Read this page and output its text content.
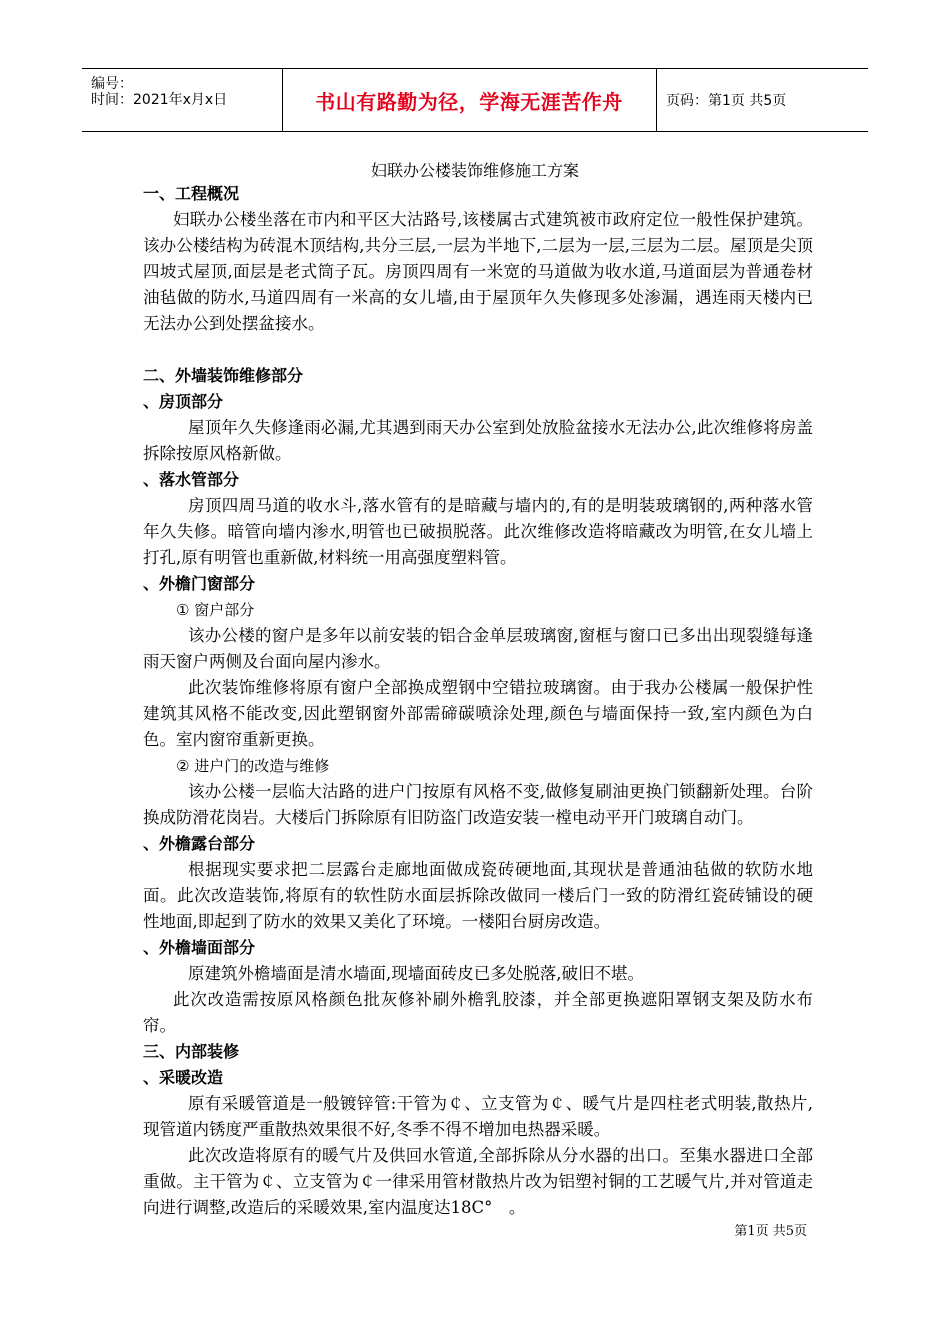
编号：
时间：2021年x月x日	书山有路勤为径，学海无涯苦作舟	页码：第1页 共5页
妇联办公楼装饰维修施工方案

一、工程概况

妇联办公楼坐落在市内和平区大沽路号,该楼属古式建筑被市政府定位一般性保护建筑。该办公楼结构为砖混木顶结构,共分三层,一层为半地下,二层为一层,三层为二层。屋顶是尖顶四坡式屋顶,面层是老式筒子瓦。房顶四周有一米宽的马道做为收水道,马道面层为普通卷材油毡做的防水,马道四周有一米高的女儿墙,由于屋顶年久失修现多处渗漏，遇连雨天楼内已无法办公到处摆盆接水。

二、外墙装饰维修部分

、房顶部分

屋顶年久失修逢雨必漏,尤其遇到雨天办公室到处放脸盆接水无法办公,此次维修将房盖拆除按原风格新做。

、落水管部分

房顶四周马道的收水斗,落水管有的是暗藏与墙内的,有的是明装玻璃钢的,两种落水管年久失修。暗管向墙内渗水,明管也已破损脱落。此次维修改造将暗藏改为明管,在女儿墙上打孔,原有明管也重新做,材料统一用高强度塑料管。

、外檐门窗部分

① 窗户部分

该办公楼的窗户是多年以前安装的铝合金单层玻璃窗,窗框与窗口已多出出现裂缝每逢雨天窗户两侧及台面向屋内渗水。

此次装饰维修将原有窗户全部换成塑钢中空错拉玻璃窗。由于我办公楼属一般保护性建筑其风格不能改变,因此塑钢窗外部需碲碳喷涂处理,颜色与墙面保持一致,室内颜色为白色。室内窗帘重新更换。

② 进户门的改造与维修

该办公楼一层临大沽路的进户门按原有风格不变,做修复刷油更换门锁翻新处理。台阶换成防滑花岗岩。大楼后门拆除原有旧防盗门改造安装一樘电动平开门玻璃自动门。

、外檐露台部分

根据现实要求把二层露台走廊地面做成瓷砖硬地面,其现状是普通油毡做的软防水地面。此次改造装饰,将原有的软性防水面层拆除改做同一楼后门一致的防滑红瓷砖铺设的硬 性地面,即起到了防水的效果又美化了环境。一楼阳台厨房改造。

、外檐墙面部分

原建筑外檐墙面是清水墙面,现墙面砖皮已多处脱落,破旧不堪。

此次改造需按原风格颜色批灰修补刷外檐乳胶漆，并全部更换遮阳罩钢支架及防水布帘。

三、内部装修

、采暖改造

原有采暖管道是一般镀锌管:干管为￠、立支管为￠、暖气片是四柱老式明装,散热片,现管道内锈度严重散热效果很不好,冬季不得不增加电热器采暖。

此次改造将原有的暖气片及供回水管道,全部拆除从分水器的出口。至集水器进口全部重做。主干管为￠、立支管为￠一律采用管材散热片改为铝塑衬铜的工艺暖气片,并对管道走向进行调整,改造后的采暖效果,室内温度达18C°　。

第1页 共5页
